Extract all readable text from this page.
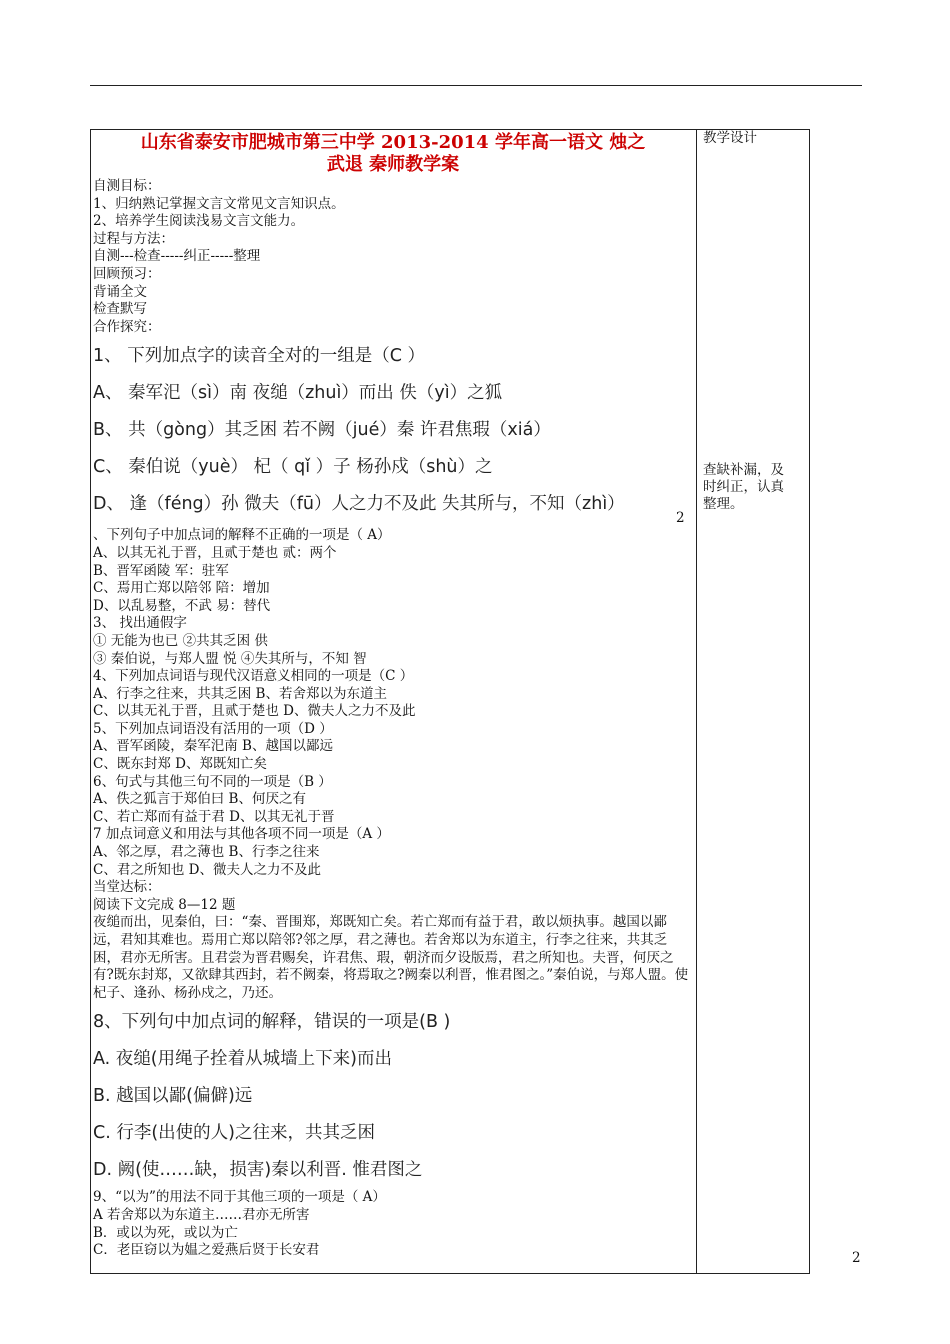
山东省泰安市肥城市第三中学 2013-2014 学年高一语文 烛之
武退 秦师教学案
自测目标：
1、归纳熟记掌握文言文常见文言知识点。
2、培养学生阅读浅易文言文能力。
过程与方法：
自测---检查-----纠正-----整理
回顾预习：
背诵全文
检查默写
合作探究：
1、 下列加点字的读音全对的一组是（C ）
A、 秦军汜（sì）南 夜缒（zhuì）而出 佚（yì）之狐
B、 共（gòng）其乏困 若不阙（jué）秦 许君焦瑕（xiá）
C、 秦伯说（yuè） 杞（ qǐ ）子 杨孙戍（shù）之
D、 逢（féng）孙 微夫（fū）人之力不及此 失其所与，不知（zhì）
、下列句子中加点词的解释不正确的一项是（ A）
A、以其无礼于晋，且贰于楚也 贰：两个
B、晋军函陵 军：驻军
C、焉用亡郑以陪邻 陪：增加
D、以乱易整，不武 易：替代
3、 找出通假字
① 无能为也已 ②共其乏困 供
③ 秦伯说，与郑人盟 悦 ④失其所与，不知 智
4、下列加点词语与现代汉语意义相同的一项是（C ）
A、行李之往来，共其乏困 B、若舍郑以为东道主
C、以其无礼于晋，且贰于楚也 D、微夫人之力不及此
5、下列加点词语没有活用的一项（D ）
A、晋军函陵，秦军汜南 B、越国以鄙远
C、既东封郑 D、郑既知亡矣
6、句式与其他三句不同的一项是（B ）
A、佚之狐言于郑伯曰 B、何厌之有
C、若亡郑而有益于君 D、以其无礼于晋
7 加点词意义和用法与其他各项不同一项是（A ）
A、邻之厚，君之薄也 B、行李之往来
C、君之所知也 D、微夫人之力不及此
当堂达标：
阅读下文完成 8—12 题
夜缒而出，见秦伯，曰：“秦、晋围郑，郑既知亡矣。若亡郑而有益于君，敢以烦执事。越国以鄙远，君知其难也。焉用亡郑以陪邻?邻之厚，君之薄也。若舍郑以为东道主，行李之往来，共其乏困，君亦无所害。且君尝为晋君赐矣，许君焦、瑕，朝济而夕设版焉，君之所知也。夫晋，何厌之有?既东封郑，又欲肆其西封，若不阙秦，将焉取之?阙秦以利晋，惟君图之。”秦伯说，与郑人盟。使杞子、逢孙、杨孙戍之，乃还。
8、下列句中加点词的解释，错误的一项是(B )
A. 夜缒(用绳子拴着从城墙上下来)而出
B. 越国以鄙(偏僻)远
C. 行李(出使的人)之往来，共其乏困
D. 阙(使……缺，损害)秦以利晋. 惟君图之
9、“以为”的用法不同于其他三项的一项是（ A）
A 若舍郑以为东道主……君亦无所害
B．或以为死，或以为亡
C．老臣窃以为媪之爱燕后贤于长安君
教学设计
查缺补漏，及
时纠正，认真
整理。
2
2
